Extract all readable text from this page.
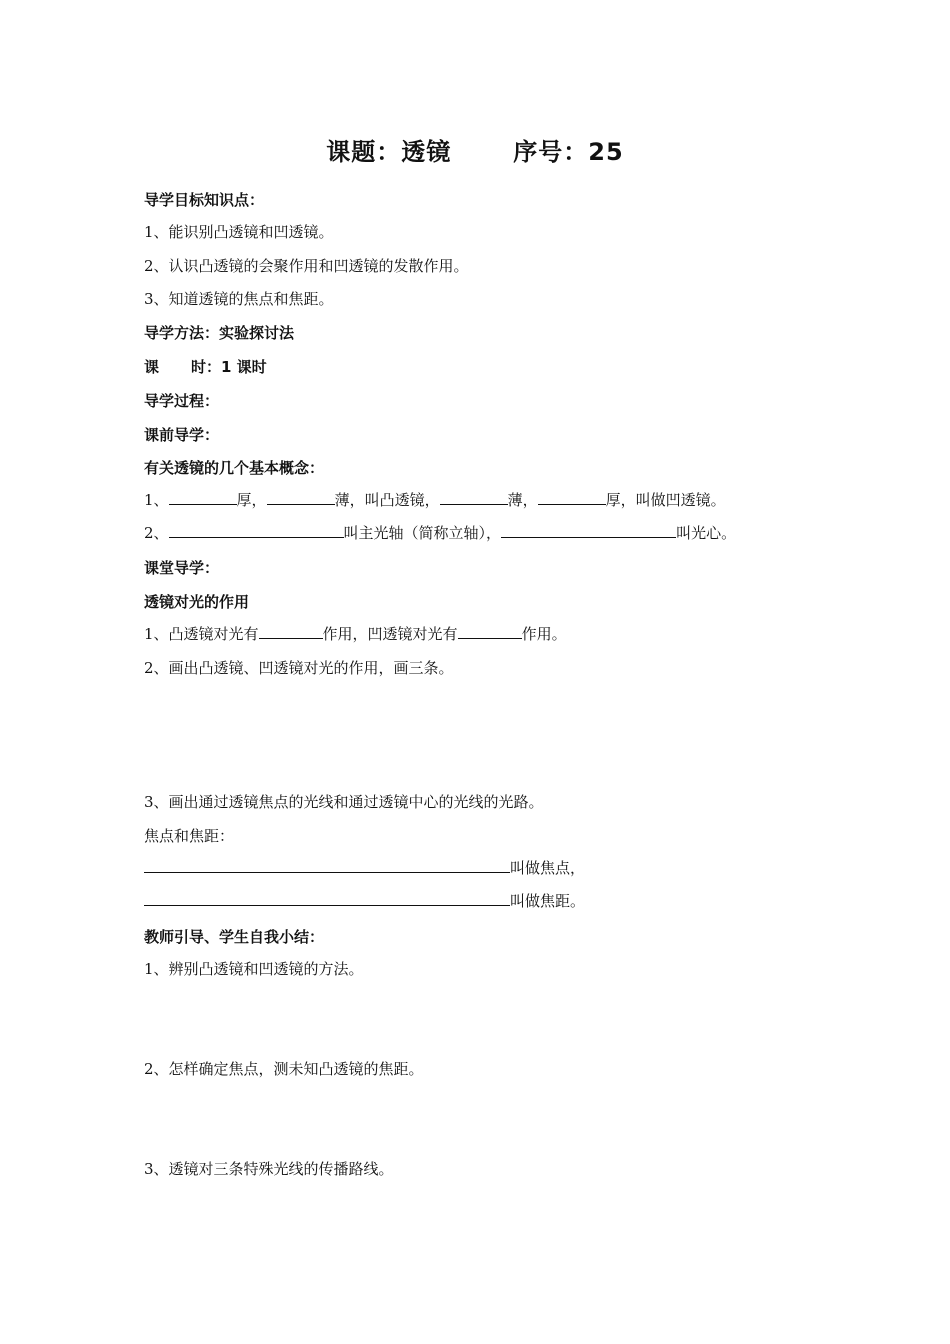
课题：透镜	序号：25
导学目标知识点：
1、能识别凸透镜和凹透镜。
2、认识凸透镜的会聚作用和凹透镜的发散作用。
3、知道透镜的焦点和焦距。
导学方法：实验探讨法
课 时：1 课时
导学过程：
课前导学：
有关透镜的几个基本概念：
1、	厚，	薄，叫凸透镜，	薄，	厚，叫做凹透镜。
2、	叫主光轴（简称立轴），	叫光心。
课堂导学：
透镜对光的作用
1、凸透镜对光有	作用，凹透镜对光有	作用。
2、画出凸透镜、凹透镜对光的作用，画三条。
3、画出通过透镜焦点的光线和通过透镜中心的光线的光路。
焦点和焦距：
叫做焦点，
叫做焦距。
教师引导、学生自我小结：
1、辨别凸透镜和凹透镜的方法。
2、怎样确定焦点，测未知凸透镜的焦距。
3、透镜对三条特殊光线的传播路线。
